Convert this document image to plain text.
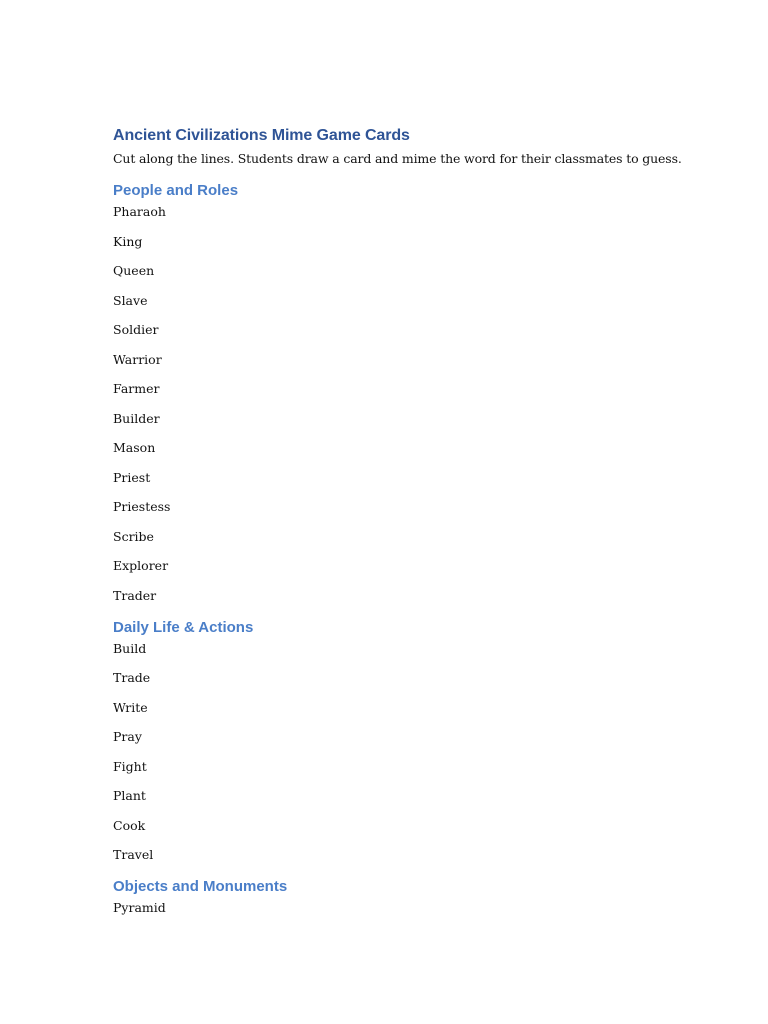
Ancient Civilizations Mime Game Cards

Cut along the lines. Students draw a card and mime the word for their classmates to guess.

People and Roles
Pharaoh
King
Queen
Slave
Soldier
Warrior
Farmer
Builder
Mason
Priest
Priestess
Scribe
Explorer
Trader
Daily Life & Actions
Build
Trade
Write
Pray
Fight
Plant
Cook
Travel
Objects and Monuments
Pyramid
